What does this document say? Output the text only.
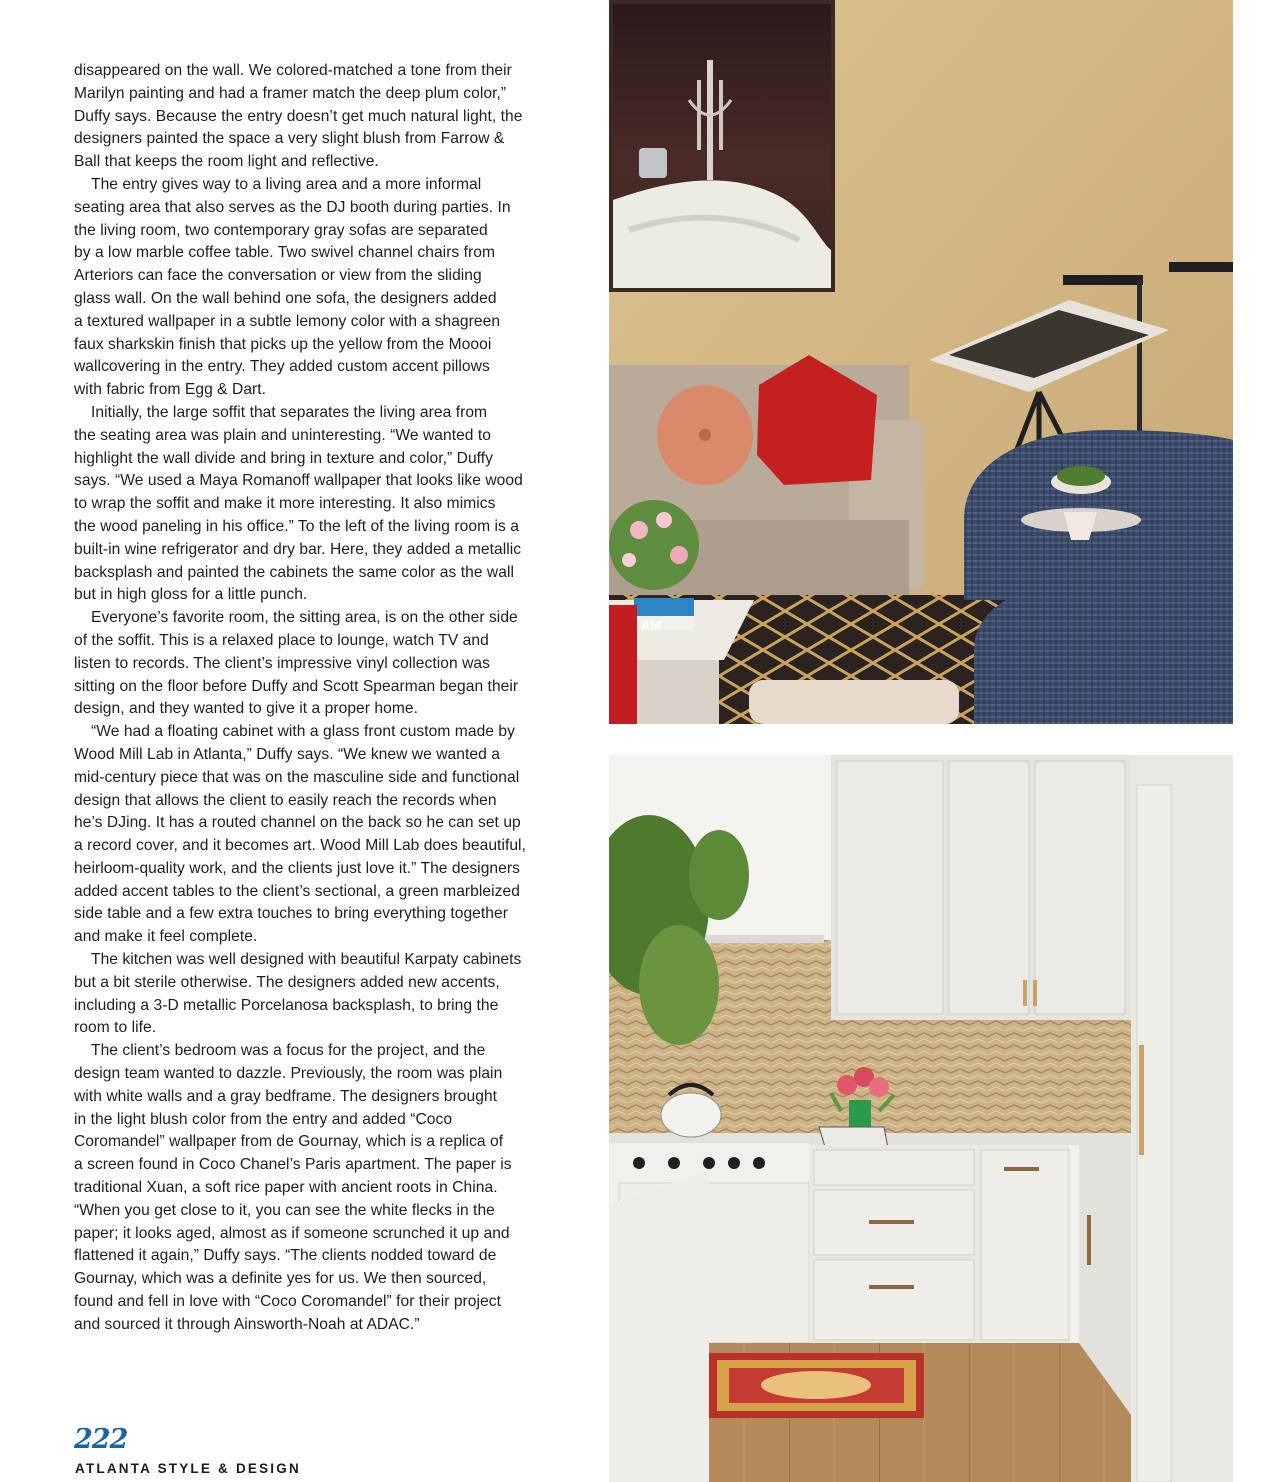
disappeared on the wall. We colored-matched a tone from their
Marilyn painting and had a framer match the deep plum color,”
Duffy says. Because the entry doesn’t get much natural light, the
designers painted the space a very slight blush from Farrow &
Ball that keeps the room light and reflective.

The entry gives way to a living area and a more informal
seating area that also serves as the DJ booth during parties. In
the living room, two contemporary gray sofas are separated
by a low marble coffee table. Two swivel channel chairs from
Arteriors can face the conversation or view from the sliding
glass wall. On the wall behind one sofa, the designers added
a textured wallpaper in a subtle lemony color with a shagreen
faux sharkskin finish that picks up the yellow from the Moooi
wallcovering in the entry. They added custom accent pillows
with fabric from Egg & Dart.

Initially, the large soffit that separates the living area from
the seating area was plain and uninteresting. “We wanted to
highlight the wall divide and bring in texture and color,” Duffy
says. “We used a Maya Romanoff wallpaper that looks like wood
to wrap the soffit and make it more interesting. It also mimics
the wood paneling in his office.” To the left of the living room is a
built-in wine refrigerator and dry bar. Here, they added a metallic
backsplash and painted the cabinets the same color as the wall
but in high gloss for a little punch.

Everyone’s favorite room, the sitting area, is on the other side
of the soffit. This is a relaxed place to lounge, watch TV and
listen to records. The client’s impressive vinyl collection was
sitting on the floor before Duffy and Scott Spearman began their
design, and they wanted to give it a proper home.

“We had a floating cabinet with a glass front custom made by
Wood Mill Lab in Atlanta,” Duffy says. “We knew we wanted a
mid-century piece that was on the masculine side and functional
design that allows the client to easily reach the records when
he’s DJing. It has a routed channel on the back so he can set up
a record cover, and it becomes art. Wood Mill Lab does beautiful,
heirloom-quality work, and the clients just love it.” The designers
added accent tables to the client’s sectional, a green marbleized
side table and a few extra touches to bring everything together
and make it feel complete.

The kitchen was well designed with beautiful Karpaty cabinets
but a bit sterile otherwise. The designers added new accents,
including a 3-D metallic Porcelanosa backsplash, to bring the
room to life.

The client’s bedroom was a focus for the project, and the
design team wanted to dazzle. Previously, the room was plain
with white walls and a gray bedframe. The designers brought
in the light blush color from the entry and added “Coco
Coromandel” wallpaper from de Gournay, which is a replica of
a screen found in Coco Chanel’s Paris apartment. The paper is
traditional Xuan, a soft rice paper with ancient roots in China.
“When you get close to it, you can see the white flecks in the
paper; it looks aged, almost as if someone scrunched it up and
flattened it again,” Duffy says. “The clients nodded toward de
Gournay, which was a definite yes for us. We then sourced,
found and fell in love with “Coco Coromandel” for their project
and sourced it through Ainsworth-Noah at ADAC.”

222
ATLANTA STYLE & DESIGN
AM
